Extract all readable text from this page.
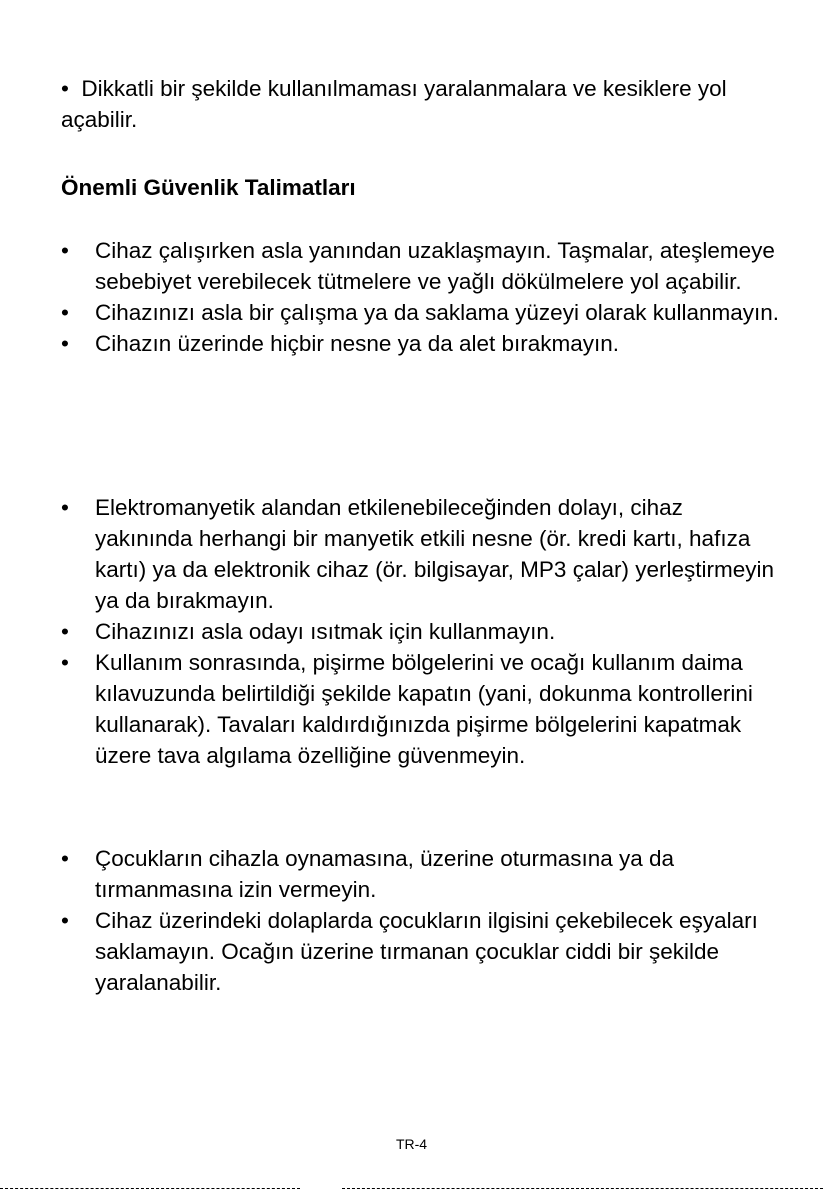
• Dikkatli bir şekilde kullanılmaması yaralanmalara ve kesiklere yol açabilir.

Önemli Güvenlik Talimatları
•	Cihaz çalışırken asla yanından uzaklaşmayın. Taşmalar, ateşlemeye sebebiyet verebilecek tütmelere ve yağlı dökülmelere yol açabilir.
•	Cihazınızı asla bir çalışma ya da saklama yüzeyi olarak kullanmayın.
•	Cihazın üzerinde hiçbir nesne ya da alet bırakmayın.
•	Elektromanyetik alandan etkilenebileceğinden dolayı, cihaz yakınında herhangi bir manyetik etkili nesne (ör. kredi kartı, hafıza kartı) ya da elektronik cihaz (ör. bilgisayar, MP3 çalar) yerleştirmeyin ya da bırakmayın.
•	Cihazınızı asla odayı ısıtmak için kullanmayın.
•	Kullanım sonrasında, pişirme bölgelerini ve ocağı kullanım daima kılavuzunda belirtildiği şekilde kapatın (yani, dokunma kontrollerini kullanarak). Tavaları kaldırdığınızda pişirme bölgelerini kapatmak üzere tava algılama özelliğine güvenmeyin.
•	Çocukların cihazla oynamasına, üzerine oturmasına ya da tırmanmasına izin vermeyin.
•	Cihaz üzerindeki dolaplarda çocukların ilgisini çekebilecek eşyaları saklamayın. Ocağın üzerine tırmanan çocuklar ciddi bir şekilde yaralanabilir.
TR-4
